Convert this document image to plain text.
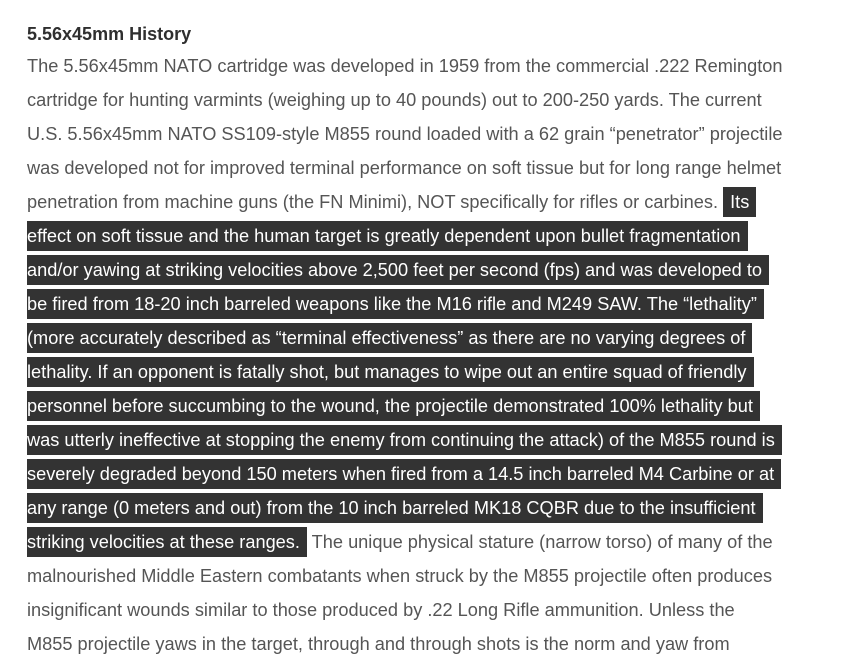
5.56x45mm History
The 5.56x45mm NATO cartridge was developed in 1959 from the commercial .222 Remington
cartridge for hunting varmints (weighing up to 40 pounds) out to 200-250 yards. The current
U.S. 5.56x45mm NATO SS109-style M855 round loaded with a 62 grain “penetrator” projectile
was developed not for improved terminal performance on soft tissue but for long range helmet
penetration from machine guns (the FN Minimi), NOT specifically for rifles or carbines. Its
effect on soft tissue and the human target is greatly dependent upon bullet fragmentation
and/or yawing at striking velocities above 2,500 feet per second (fps) and was developed to
be fired from 18-20 inch barreled weapons like the M16 rifle and M249 SAW. The “lethality”
(more accurately described as “terminal effectiveness” as there are no varying degrees of
lethality. If an opponent is fatally shot, but manages to wipe out an entire squad of friendly
personnel before succumbing to the wound, the projectile demonstrated 100% lethality but
was utterly ineffective at stopping the enemy from continuing the attack) of the M855 round is
severely degraded beyond 150 meters when fired from a 14.5 inch barreled M4 Carbine or at
any range (0 meters and out) from the 10 inch barreled MK18 CQBR due to the insufficient
striking velocities at these ranges. The unique physical stature (narrow torso) of many of the
malnourished Middle Eastern combatants when struck by the M855 projectile often produces
insignificant wounds similar to those produced by .22 Long Rifle ammunition. Unless the
M855 projectile yaws in the target, through and through shots is the norm and yaw from
